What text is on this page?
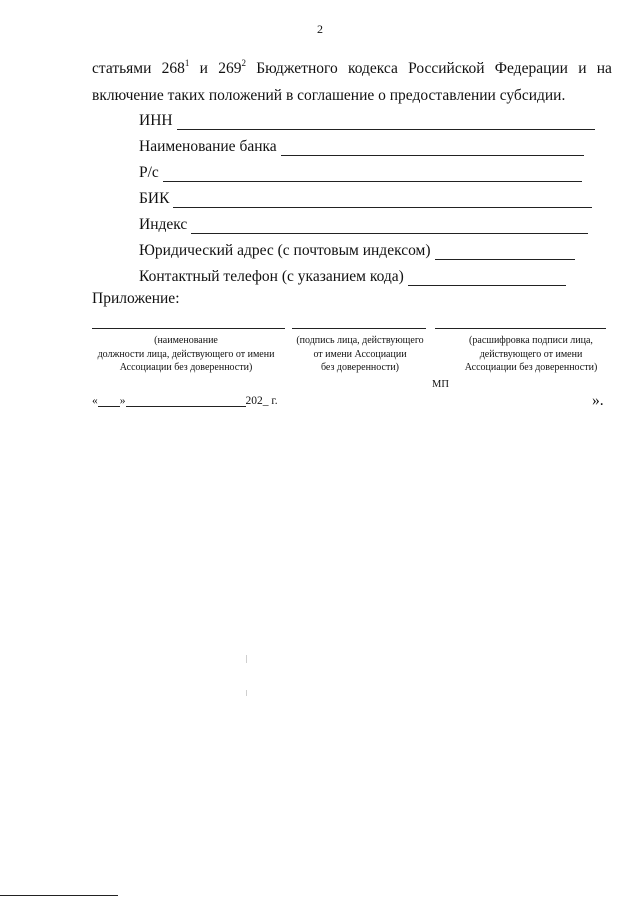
2
статьями $268^1$ и $269^2$ Бюджетного кодекса Российской Федерации и на
включение таких положений в соглашение о предоставлении субсидии.
ИНН
Наименование банка
Р/с
БИК
Индекс
Юридический адрес (с почтовым индексом)
Контактный телефон (с указанием кода)
Приложение:
(наименование
должности лица, действующего от имени
Ассоциации без доверенности)
(подпись лица, действующего
от имени Ассоциации
без доверенности)
(расшифровка подписи лица,
действующего от имени
Ассоциации без доверенности)
МП
« »	202_ г.	».
